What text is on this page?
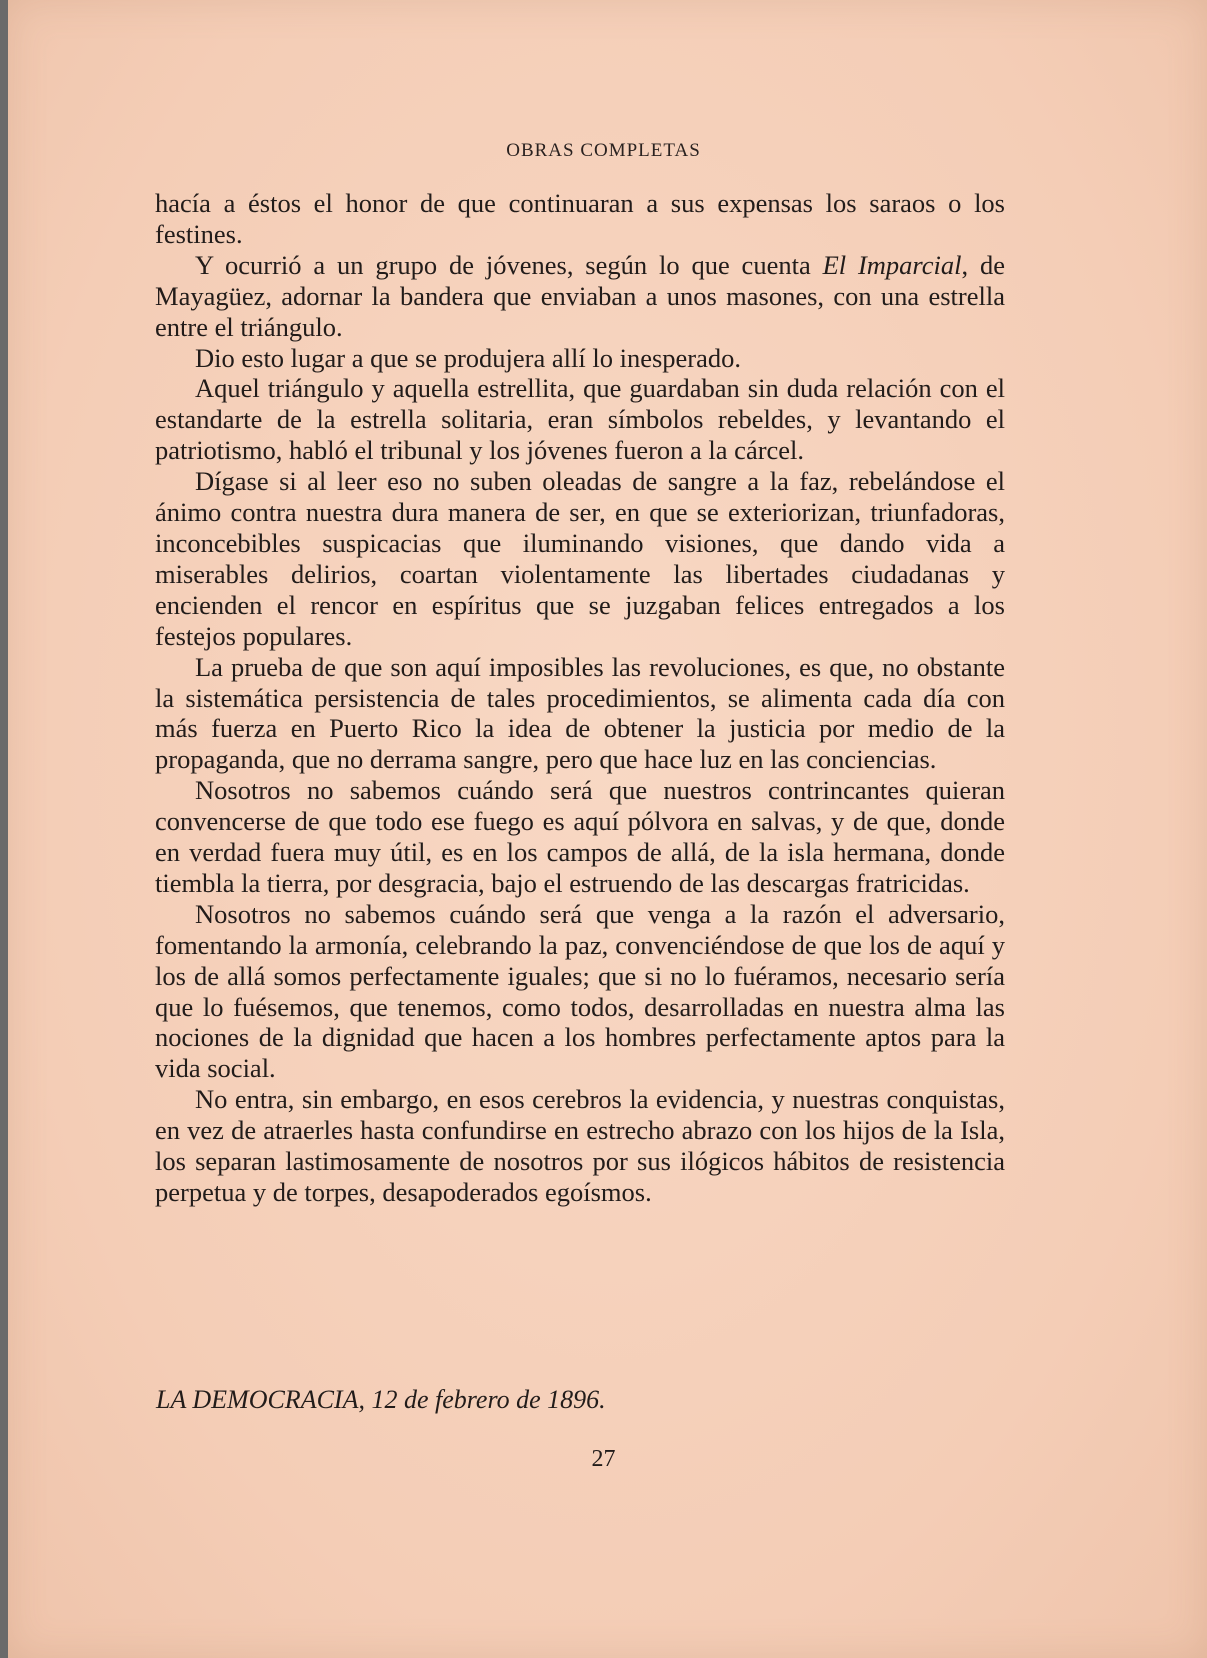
OBRAS COMPLETAS

hacía a éstos el honor de que continuaran a sus expensas los saraos o los festines.

Y ocurrió a un grupo de jóvenes, según lo que cuenta El Imparcial, de Mayagüez, adornar la bandera que enviaban a unos masones, con una estrella entre el triángulo.

Dio esto lugar a que se produjera allí lo inesperado.

Aquel triángulo y aquella estrellita, que guardaban sin duda relación con el estandarte de la estrella solitaria, eran símbolos rebeldes, y levantando el patriotismo, habló el tribunal y los jóvenes fueron a la cárcel.

Dígase si al leer eso no suben oleadas de sangre a la faz, rebelándose el ánimo contra nuestra dura manera de ser, en que se exteriorizan, triunfadoras, inconcebibles suspicacias que iluminando visiones, que dando vida a miserables delirios, coartan violentamente las libertades ciudadanas y encienden el rencor en espíritus que se juzgaban felices entregados a los festejos populares.

La prueba de que son aquí imposibles las revoluciones, es que, no obstante la sistemática persistencia de tales procedimientos, se alimenta cada día con más fuerza en Puerto Rico la idea de obtener la justicia por medio de la propaganda, que no derrama sangre, pero que hace luz en las conciencias.

Nosotros no sabemos cuándo será que nuestros contrincantes quieran convencerse de que todo ese fuego es aquí pólvora en salvas, y de que, donde en verdad fuera muy útil, es en los campos de allá, de la isla hermana, donde tiembla la tierra, por desgracia, bajo el estruendo de las descargas fratricidas.

Nosotros no sabemos cuándo será que venga a la razón el adversario, fomentando la armonía, celebrando la paz, convenciéndose de que los de aquí y los de allá somos perfectamente iguales; que si no lo fuéramos, necesario sería que lo fuésemos, que tenemos, como todos, desarrolladas en nuestra alma las nociones de la dignidad que hacen a los hombres perfectamente aptos para la vida social.

No entra, sin embargo, en esos cerebros la evidencia, y nuestras conquistas, en vez de atraerles hasta confundirse en estrecho abrazo con los hijos de la Isla, los separan lastimosamente de nosotros por sus ilógicos hábitos de resistencia perpetua y de torpes, desapoderados egoísmos.

LA DEMOCRACIA, 12 de febrero de 1896.
27
